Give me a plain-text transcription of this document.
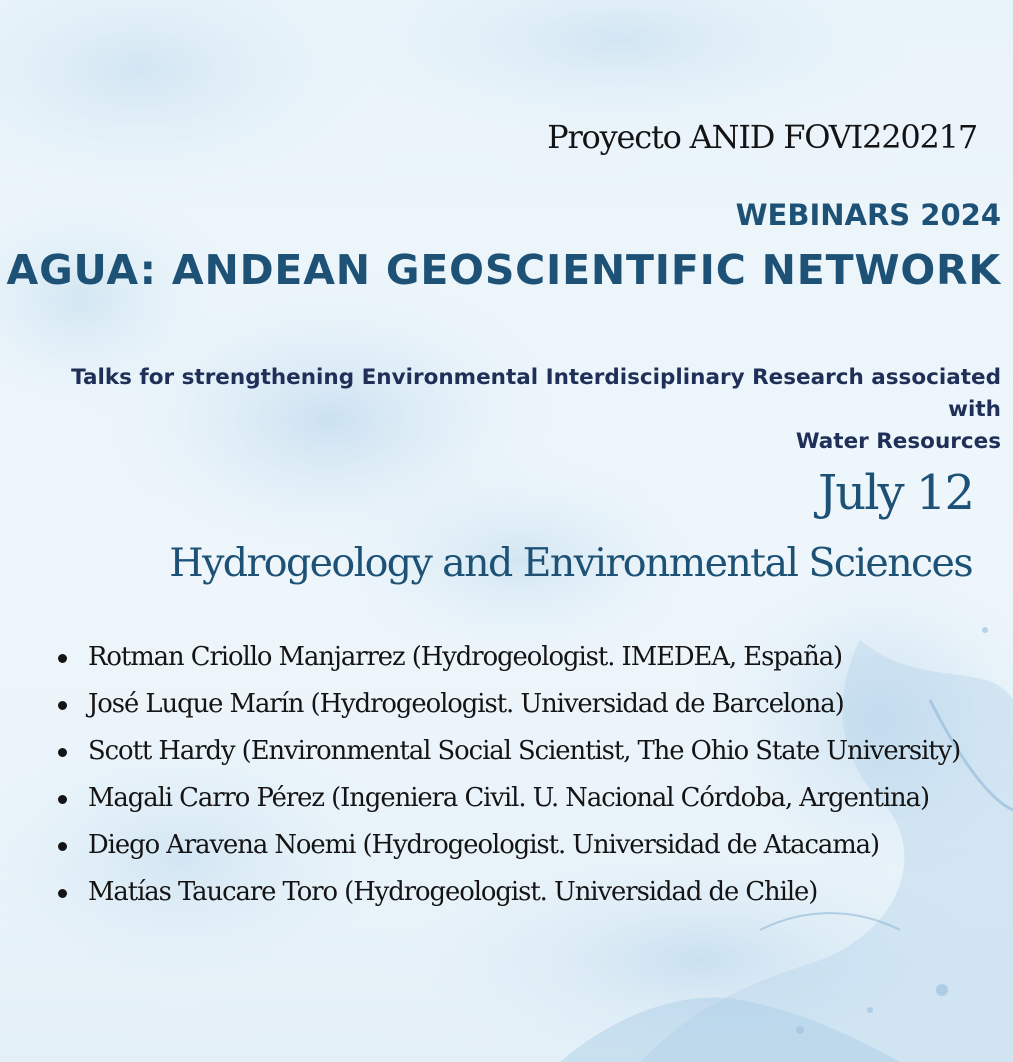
Proyecto ANID FOVI220217
WEBINARS 2024
AGUA: ANDEAN GEOSCIENTIFIC NETWORK
Talks for strengthening Environmental Interdisciplinary Research associated with
Water Resources
July 12
Hydrogeology and Environmental Sciences
Rotman Criollo Manjarrez (Hydrogeologist. IMEDEA, España)
José Luque Marín (Hydrogeologist. Universidad de Barcelona)
Scott Hardy (Environmental Social Scientist, The Ohio State University)
Magali Carro Pérez (Ingeniera Civil. U. Nacional Córdoba, Argentina)
Diego Aravena Noemi (Hydrogeologist. Universidad de Atacama)
Matías Taucare Toro (Hydrogeologist. Universidad de Chile)
